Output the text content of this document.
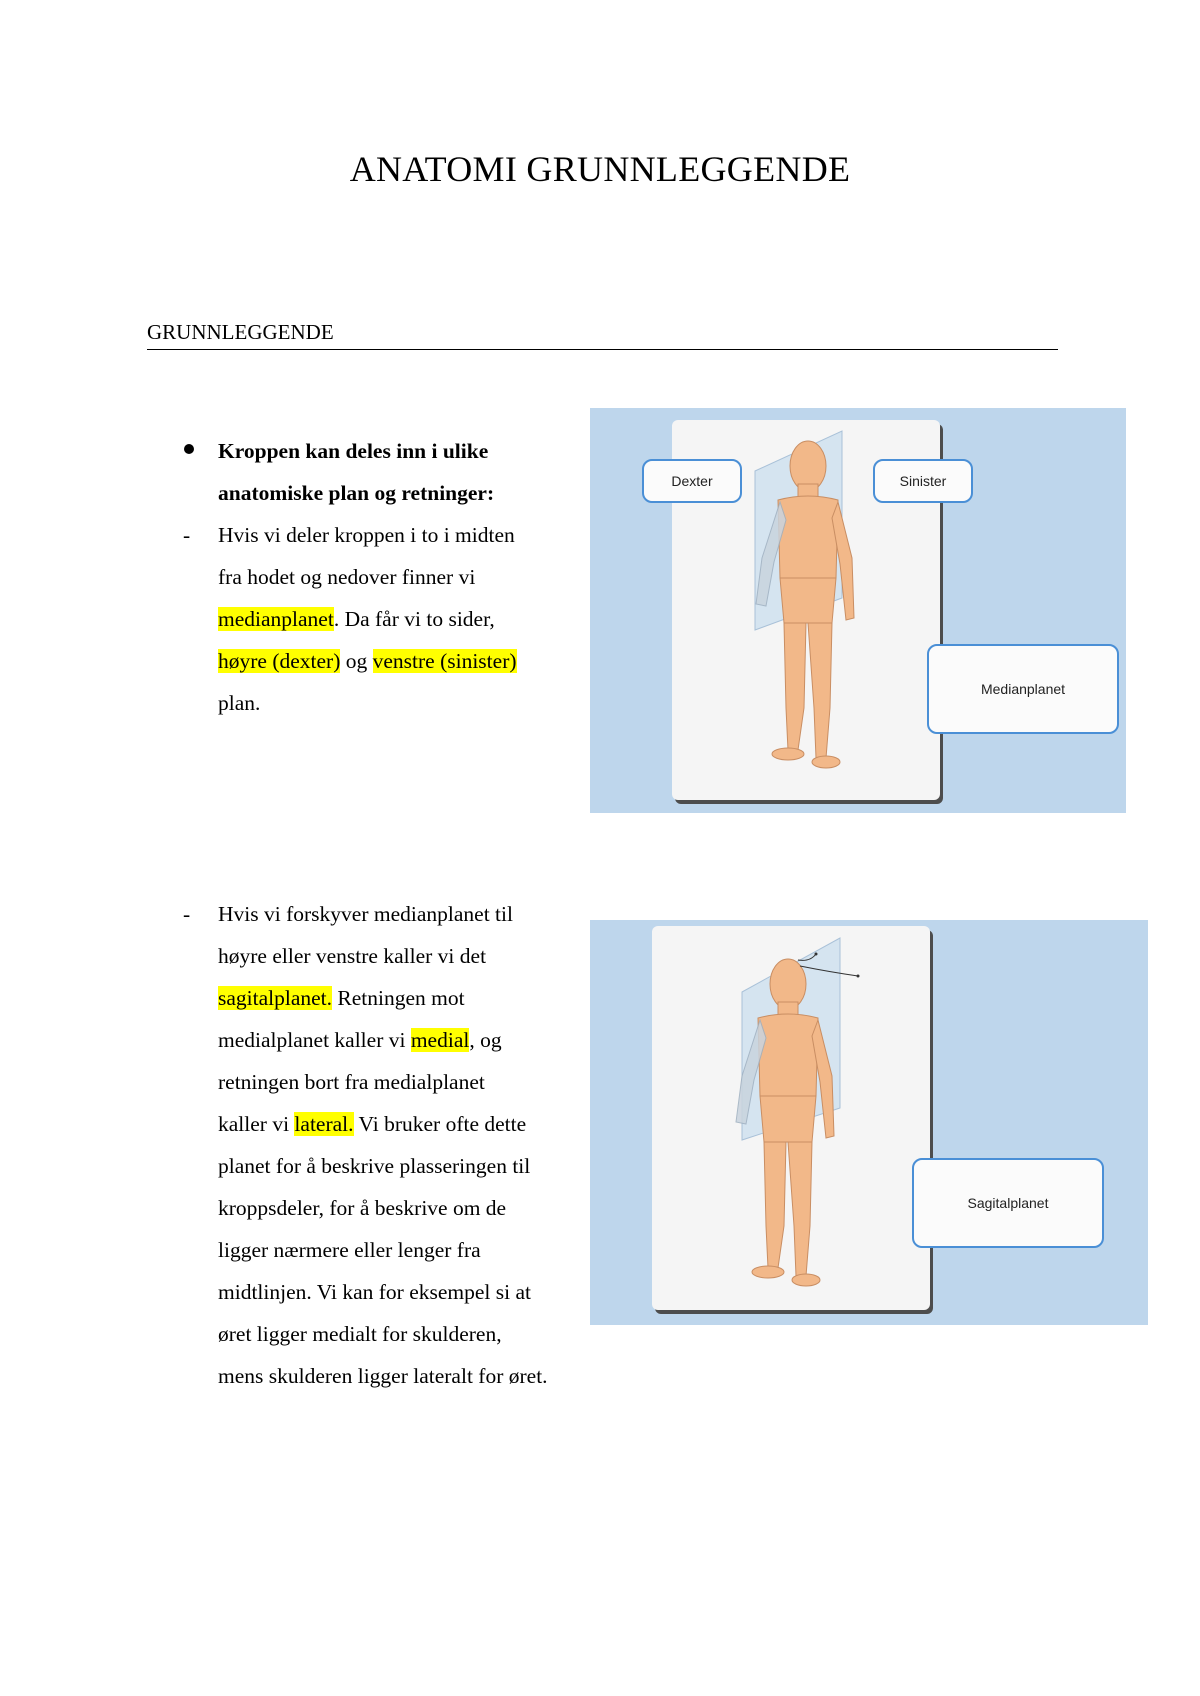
ANATOMI GRUNNLEGGENDE
GRUNNLEGGENDE
Kroppen kan deles inn i ulike
anatomiske plan og retninger:
- Hvis vi deler kroppen i to i midten
fra hodet og nedover finner vi
medianplanet. Da får vi to sider,
høyre (dexter) og venstre (sinister)
plan.
Dexter	Sinister
Medianplanet
- Hvis vi forskyver medianplanet til
høyre eller venstre kaller vi det
sagitalplanet. Retningen mot
medialplanet kaller vi medial, og
retningen bort fra medialplanet
kaller vi lateral. Vi bruker ofte dette
planet for å beskrive plasseringen til
kroppsdeler, for å beskrive om de
ligger nærmere eller lenger fra
midtlinjen. Vi kan for eksempel si at
øret ligger medialt for skulderen,
mens skulderen ligger lateralt for øret.
Sagitalplanet
